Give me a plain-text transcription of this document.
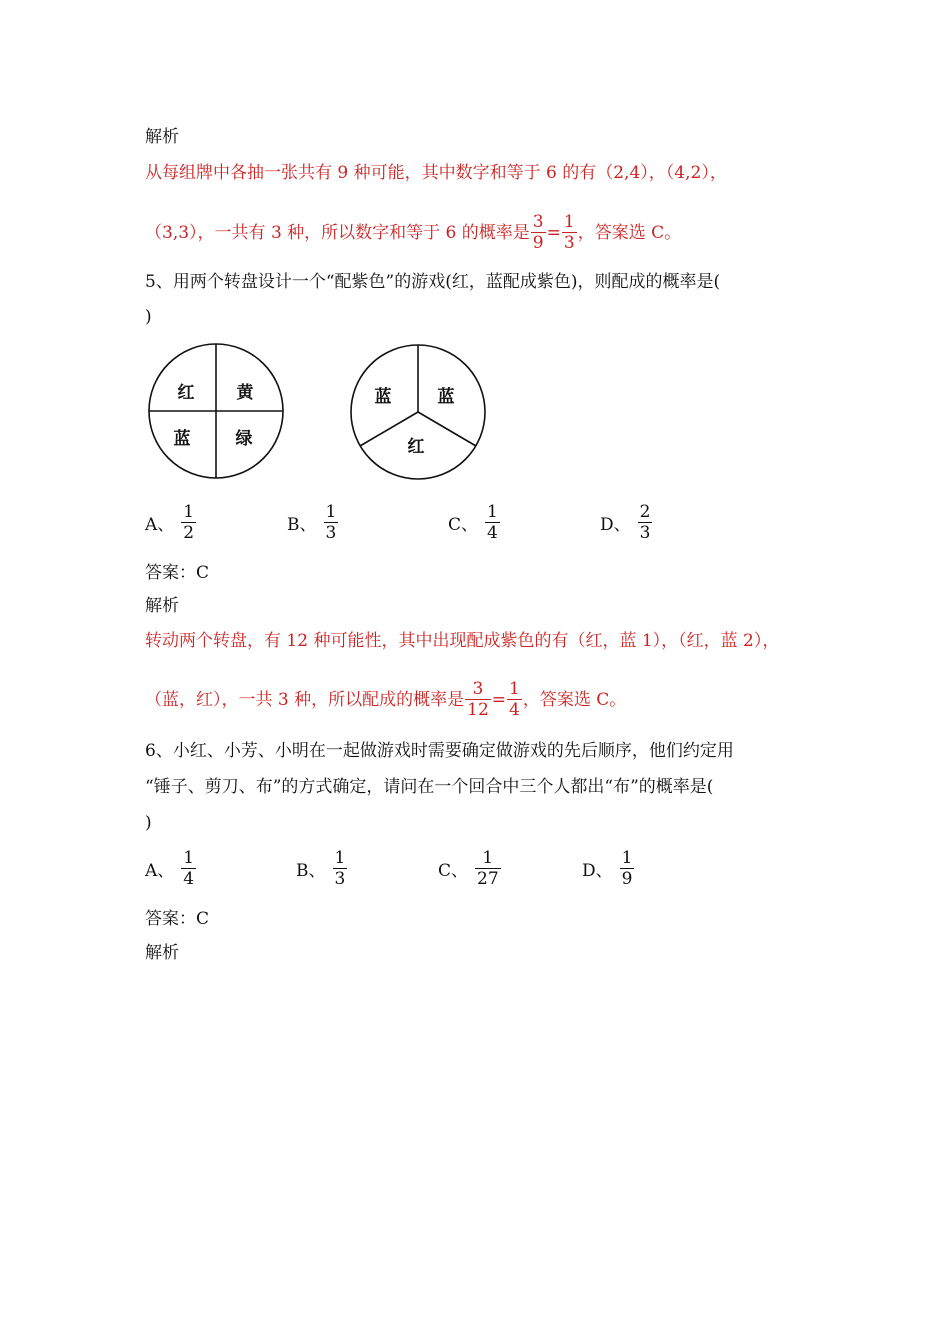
解析
从每组牌中各抽一张共有 9 种可能，其中数字和等于 6 的有（2,4），（4,2），
（3,3），一共有 3 种，所以数字和等于 6 的概率是 $\frac{3}{9} = \frac{1}{3}$ ，答案选 C。
5、用两个转盘设计一个“配紫色”的游戏(红，蓝配成紫色)，则配成的概率是(
)
红 黄
蓝	绿
蓝	蓝
红
A、 $\frac{1}{2}$	B、 $\frac{1}{3}$	C、 $\frac{1}{4}$	D、 $\frac{2}{3}$
答案：C
解析
转动两个转盘，有 12 种可能性，其中出现配成紫色的有（红，蓝 1），（红，蓝 2），
（蓝，红），一共 3 种，所以配成的概率是 $\frac{3}{12} = \frac{1}{4}$ ，答案选 C。
6、小红、小芳、小明在一起做游戏时需要确定做游戏的先后顺序，他们约定用
“锤子、剪刀、布”的方式确定，请问在一个回合中三个人都出“布”的概率是(
)
A、 $\frac{1}{4}$	B、 $\frac{1}{3}$	C、 $\frac{1}{27}$	D、 $\frac{1}{9}$
答案：C
解析
